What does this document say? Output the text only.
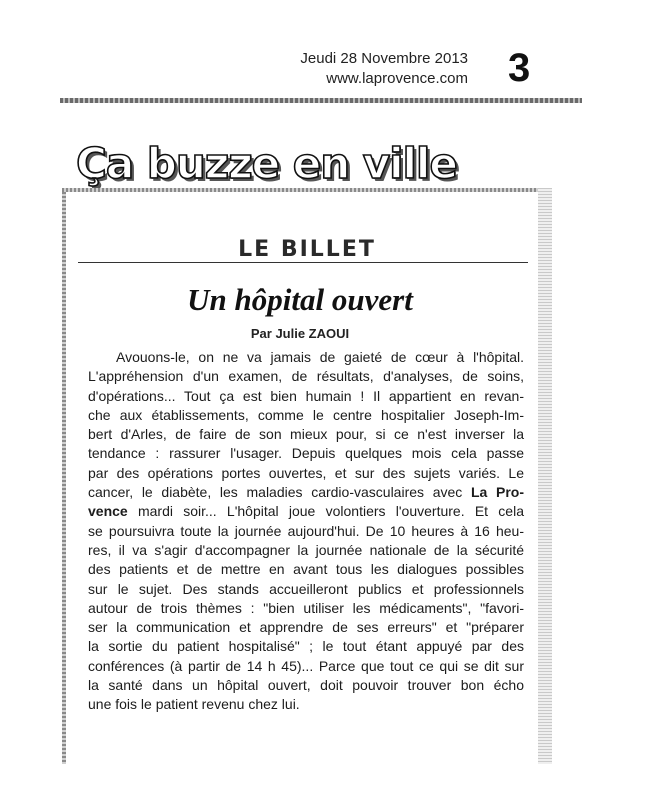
Jeudi 28 Novembre 2013
www.laprovence.com 3
Ça buzze en ville
LE BILLET
Un hôpital ouvert
Par Julie ZAOUI
Avouons-le, on ne va jamais de gaieté de cœur à l'hôpital.
L'appréhension d'un examen, de résultats, d'analyses, de soins,
d'opérations... Tout ça est bien humain ! Il appartient en revan-
che aux établissements, comme le centre hospitalier Joseph-Im-
bert d'Arles, de faire de son mieux pour, si ce n'est inverser la
tendance : rassurer l'usager. Depuis quelques mois cela passe
par des opérations portes ouvertes, et sur des sujets variés. Le
cancer, le diabète, les maladies cardio-vasculaires avec La Pro-
vence mardi soir... L'hôpital joue volontiers l'ouverture. Et cela
se poursuivra toute la journée aujourd'hui. De 10 heures à 16 heu-
res, il va s'agir d'accompagner la journée nationale de la sécurité
des patients et de mettre en avant tous les dialogues possibles
sur le sujet. Des stands accueilleront publics et professionnels
autour de trois thèmes : "bien utiliser les médicaments", "favori-
ser la communication et apprendre de ses erreurs" et "préparer
la sortie du patient hospitalisé" ; le tout étant appuyé par des
conférences (à partir de 14 h 45)... Parce que tout ce qui se dit sur
la santé dans un hôpital ouvert, doit pouvoir trouver bon écho
une fois le patient revenu chez lui.
